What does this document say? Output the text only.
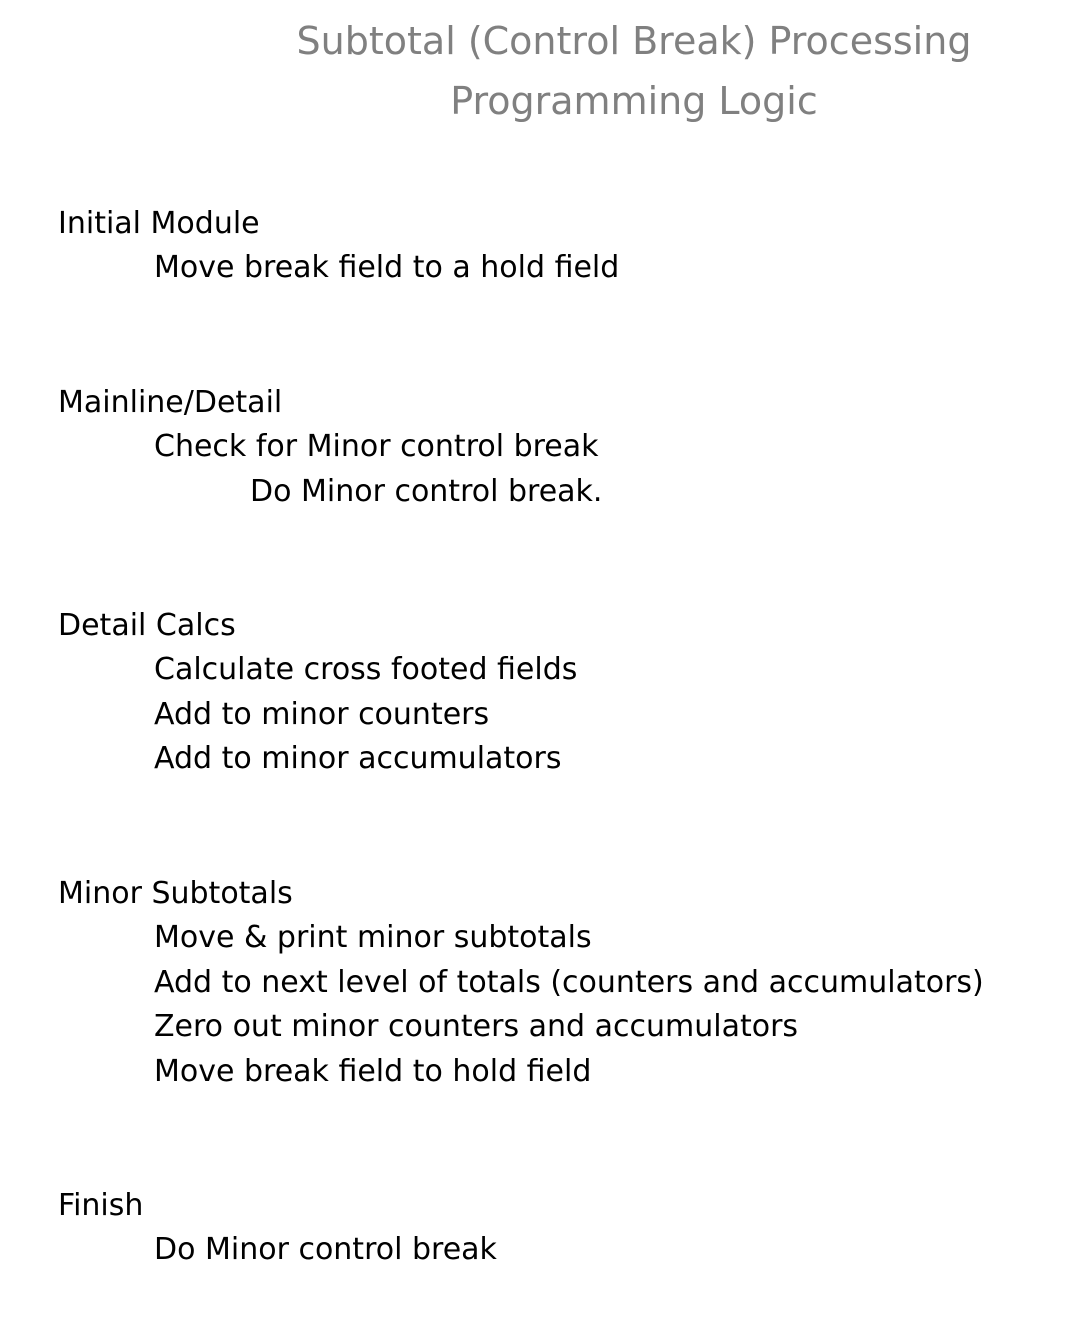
Subtotal (Control Break) Processing
Programming Logic
Initial Module
Move break field to a hold field
Mainline/Detail
Check for Minor control break
Do Minor control break.
Detail Calcs
Calculate cross footed fields
Add to minor counters
Add to minor accumulators
Minor Subtotals
Move & print minor subtotals
Add to next level of totals (counters and accumulators)
Zero out minor counters and accumulators
Move break field to hold field
Finish
Do Minor control break
